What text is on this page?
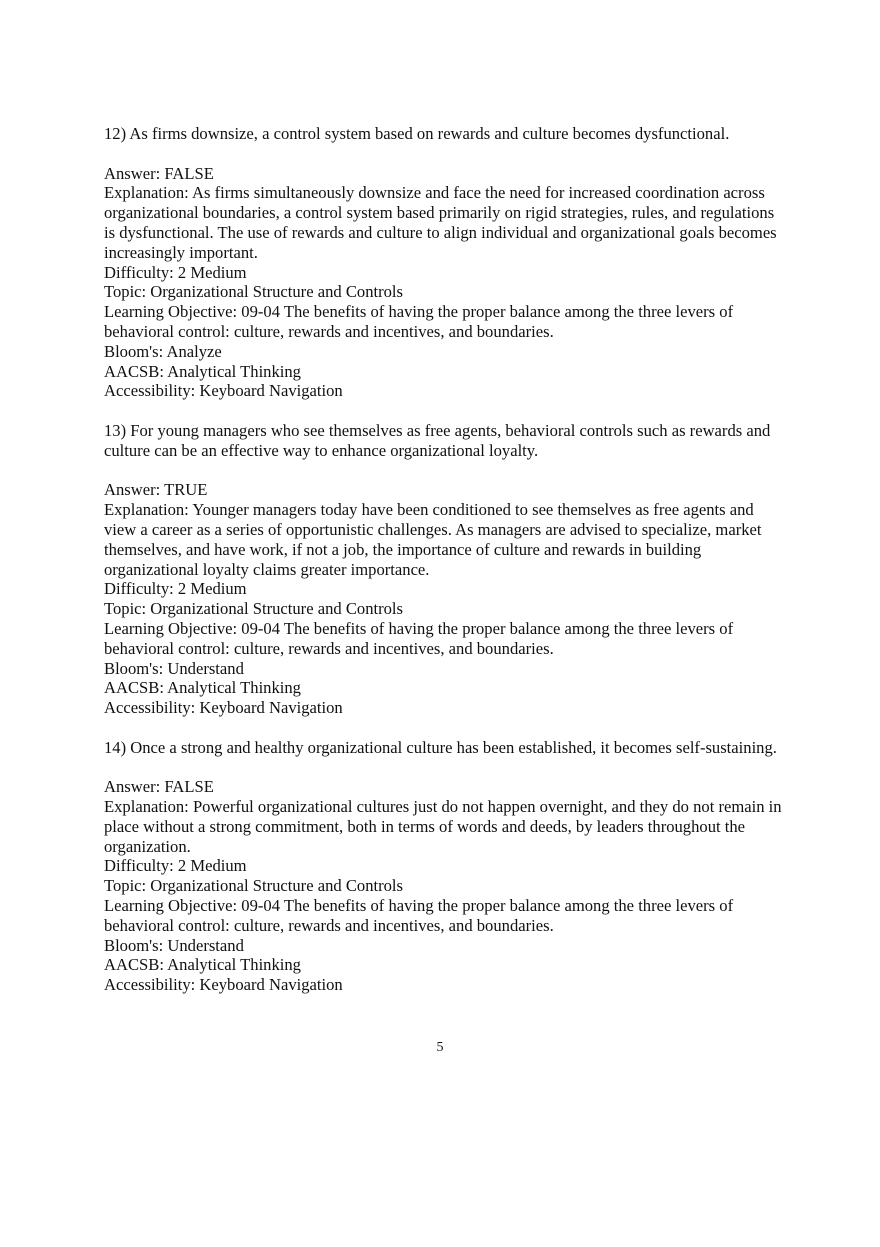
12) As firms downsize, a control system based on rewards and culture becomes dysfunctional.

Answer: FALSE

Explanation: As firms simultaneously downsize and face the need for increased coordination across organizational boundaries, a control system based primarily on rigid strategies, rules, and regulations is dysfunctional. The use of rewards and culture to align individual and organizational goals becomes increasingly important.

Difficulty: 2 Medium

Topic: Organizational Structure and Controls

Learning Objective: 09-04 The benefits of having the proper balance among the three levers of behavioral control: culture, rewards and incentives, and boundaries.

Bloom's: Analyze

AACSB: Analytical Thinking

Accessibility: Keyboard Navigation

13) For young managers who see themselves as free agents, behavioral controls such as rewards and culture can be an effective way to enhance organizational loyalty.

Answer: TRUE

Explanation: Younger managers today have been conditioned to see themselves as free agents and view a career as a series of opportunistic challenges. As managers are advised to specialize, market themselves, and have work, if not a job, the importance of culture and rewards in building organizational loyalty claims greater importance.

Difficulty: 2 Medium

Topic: Organizational Structure and Controls

Learning Objective: 09-04 The benefits of having the proper balance among the three levers of behavioral control: culture, rewards and incentives, and boundaries.

Bloom's: Understand

AACSB: Analytical Thinking

Accessibility: Keyboard Navigation

14) Once a strong and healthy organizational culture has been established, it becomes self-sustaining.

Answer: FALSE

Explanation: Powerful organizational cultures just do not happen overnight, and they do not remain in place without a strong commitment, both in terms of words and deeds, by leaders throughout the organization.

Difficulty: 2 Medium

Topic: Organizational Structure and Controls

Learning Objective: 09-04 The benefits of having the proper balance among the three levers of behavioral control: culture, rewards and incentives, and boundaries.

Bloom's: Understand

AACSB: Analytical Thinking

Accessibility: Keyboard Navigation

5
